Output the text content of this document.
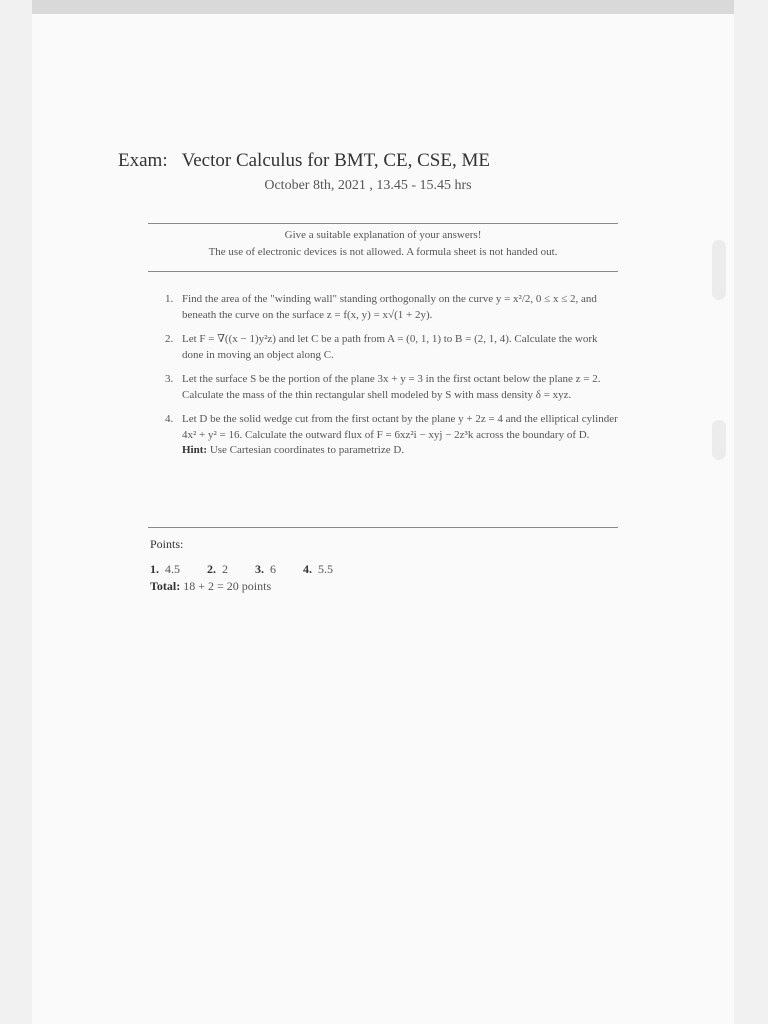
Exam: Vector Calculus for BMT, CE, CSE, ME
October 8th, 2021 , 13.45 - 15.45 hrs
Give a suitable explanation of your answers!
The use of electronic devices is not allowed. A formula sheet is not handed out.
1. Find the area of the "winding wall" standing orthogonally on the curve y = x²/2, 0 ≤ x ≤ 2, and beneath the curve on the surface z = f(x, y) = x√(1 + 2y).

2. Let F = ∇((x − 1)y²z) and let C be a path from A = (0, 1, 1) to B = (2, 1, 4). Calculate the work done in moving an object along C.

3. Let the surface S be the portion of the plane 3x + y = 3 in the first octant below the plane z = 2. Calculate the mass of the thin rectangular shell modeled by S with mass density δ = xyz.

4. Let D be the solid wedge cut from the first octant by the plane y + 2z = 4 and the elliptical cylinder 4x² + y² = 16. Calculate the outward flux of F = 6xz²i − xyj − 2z³k across the boundary of D.

Hint: Use Cartesian coordinates to parametrize D.

Points:
1. 4.5 2. 2 3. 6 4. 5.5
Total: 18 + 2 = 20 points
